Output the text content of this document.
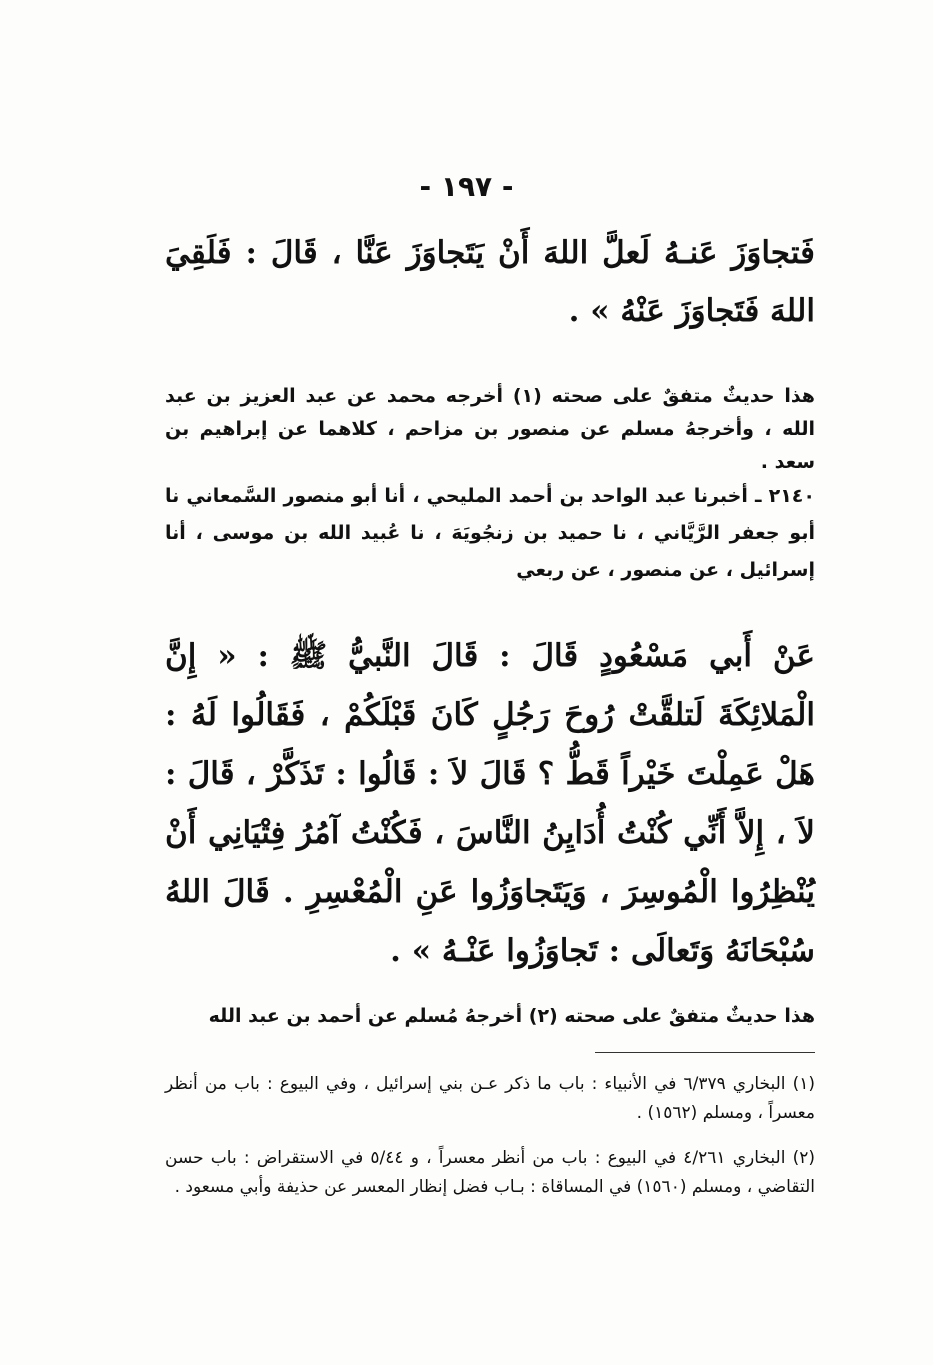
- ١٩٧ -
فَتجاوَزَ عَنـهُ لَعلَّ اللهَ أَنْ يَتَجاوَزَ عَنَّا ، قَالَ : فَلَقِيَ اللهَ فَتَجاوَزَ عَنْهُ » .
هذا حديثٌ متفقٌ على صحته (١) أخرجه محمد عن عبد العزيز بن عبد الله ، وأخرجهُ مسلم عن منصور بن مزاحم ، كلاهما عن إبراهيم بن سعد .
٢١٤٠ ـ أخبرنا عبد الواحد بن أحمد المليحي ، أنا أبو منصور السَّمعاني نا أبو جعفر الرَّيَّاني ، نا حميد بن زنجُويَهَ ، نا عُبيد الله بن موسى ، أنا إسرائيل ، عن منصور ، عن ربعي
عَنْ أَبي مَسْعُودٍ قَالَ : قَالَ النَّبيُّ ﷺ : « إِنَّ الْمَلائِكَةَ لَتلقَّتْ رُوحَ رَجُلٍ كَانَ قَبْلَكُمْ ، فَقَالُوا لَهُ : هَلْ عَمِلْتَ خَيْراً قَطُّ ؟ قَالَ لاَ : قَالُوا : تَذَكَّرْ ، قَالَ : لاَ ، إِلاَّ أَنِّي كُنْتُ أُدَايِنُ النَّاسَ ، فَكُنْتُ آمُرُ فِتْيَانِي أَنْ يُنْظِرُوا الْمُوسِرَ ، وَيَتَجاوَزُوا عَنِ الْمُعْسِرِ . قَالَ اللهُ سُبْحَانَهُ وَتَعالَى : تَجاوَزُوا عَنْـهُ » .
هذا حديثٌ متفقٌ على صحته (٢) أخرجهُ مُسلم عن أحمد بن عبد الله
(١) البخاري ٦/٣٧٩ في الأنبياء : باب ما ذكر عـن بني إسرائيل ، وفي البيوع : باب من أنظر معسراً ، ومسلم (١٥٦٢) .
(٢) البخاري ٤/٢٦١ في البيوع : باب من أنظر معسراً ، و ٥/٤٤ في الاستقراض : باب حسن التقاضي ، ومسلم (١٥٦٠) في المساقاة : بـاب فضل إنظار المعسر عن حذيفة وأبي مسعود .
